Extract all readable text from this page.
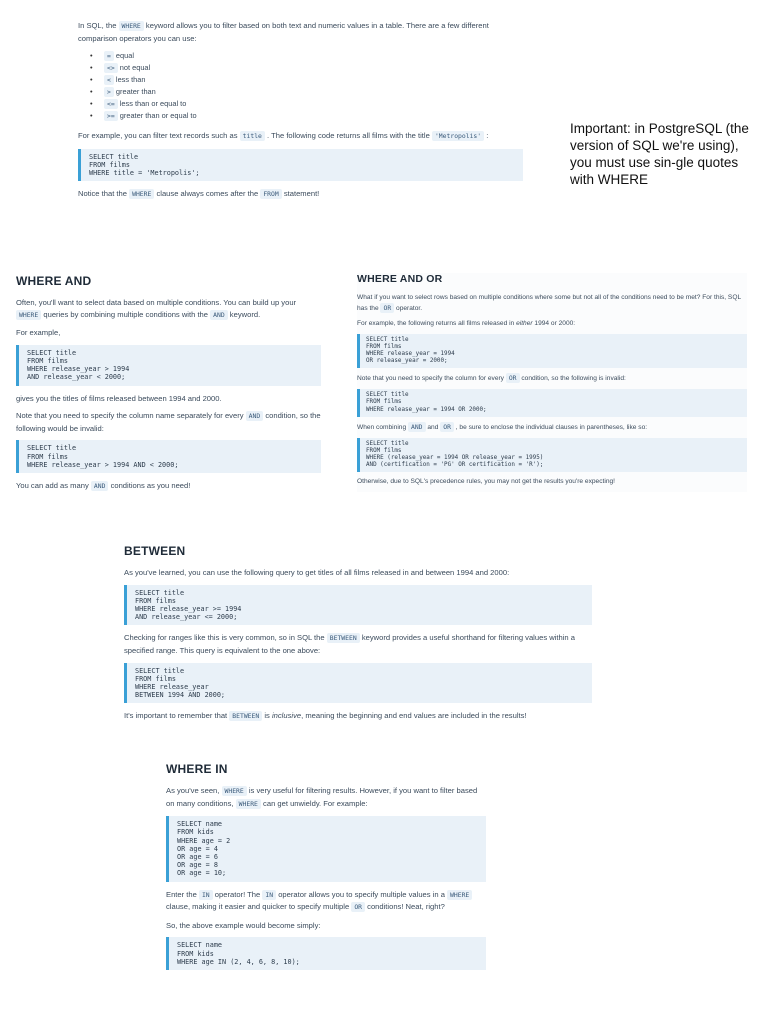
In SQL, the WHERE keyword allows you to filter based on both text and numeric values in a table. There are a few different comparison operators you can use:

• = equal
• <> not equal
• < less than
• > greater than
• <= less than or equal to
• >= greater than or equal to

For example, you can filter text records such as title . The following code returns all films with the title 'Metropolis' :

SELECT title
FROM films
WHERE title = 'Metropolis';

Notice that the WHERE clause always comes after the FROM statement!

Important: in PostgreSQL (the version of SQL we're using), you must use sin-gle quotes with WHERE
WHERE AND

Often, you'll want to select data based on multiple conditions. You can build up your WHERE queries by combining multiple conditions with the AND keyword.

For example,

SELECT title
FROM films
WHERE release_year > 1994
AND release_year < 2000;

gives you the titles of films released between 1994 and 2000.

Note that you need to specify the column name separately for every AND condition, so the following would be invalid:

SELECT title
FROM films
WHERE release_year > 1994 AND < 2000;

You can add as many AND conditions as you need!

WHERE AND OR

What if you want to select rows based on multiple conditions where some but not all of the conditions need to be met? For this, SQL has the OR operator.

For example, the following returns all films released in either 1994 or 2000:

SELECT title
FROM films
WHERE release_year = 1994
OR release_year = 2000;

Note that you need to specify the column for every OR condition, so the following is invalid:

SELECT title
FROM films
WHERE release_year = 1994 OR 2000;

When combining AND and OR , be sure to enclose the individual clauses in parentheses, like so:

SELECT title
FROM films
WHERE (release_year = 1994 OR release_year = 1995)
AND (certification = 'PG' OR certification = 'R');

Otherwise, due to SQL's precedence rules, you may not get the results you're expecting!

BETWEEN

As you've learned, you can use the following query to get titles of all films released in and between 1994 and 2000:

SELECT title
FROM films
WHERE release_year >= 1994
AND release_year <= 2000;

Checking for ranges like this is very common, so in SQL the BETWEEN keyword provides a useful shorthand for filtering values within a specified range. This query is equivalent to the one above:

SELECT title
FROM films
WHERE release_year
BETWEEN 1994 AND 2000;

It's important to remember that BETWEEN is inclusive, meaning the beginning and end values are included in the results!

WHERE IN

As you've seen, WHERE is very useful for filtering results. However, if you want to filter based on many conditions, WHERE can get unwieldy. For example:

SELECT name
FROM kids
WHERE age = 2
OR age = 4
OR age = 6
OR age = 8
OR age = 10;

Enter the IN operator! The IN operator allows you to specify multiple values in a WHERE clause, making it easier and quicker to specify multiple OR conditions! Neat, right?

So, the above example would become simply:

SELECT name
FROM kids
WHERE age IN (2, 4, 6, 8, 10);
